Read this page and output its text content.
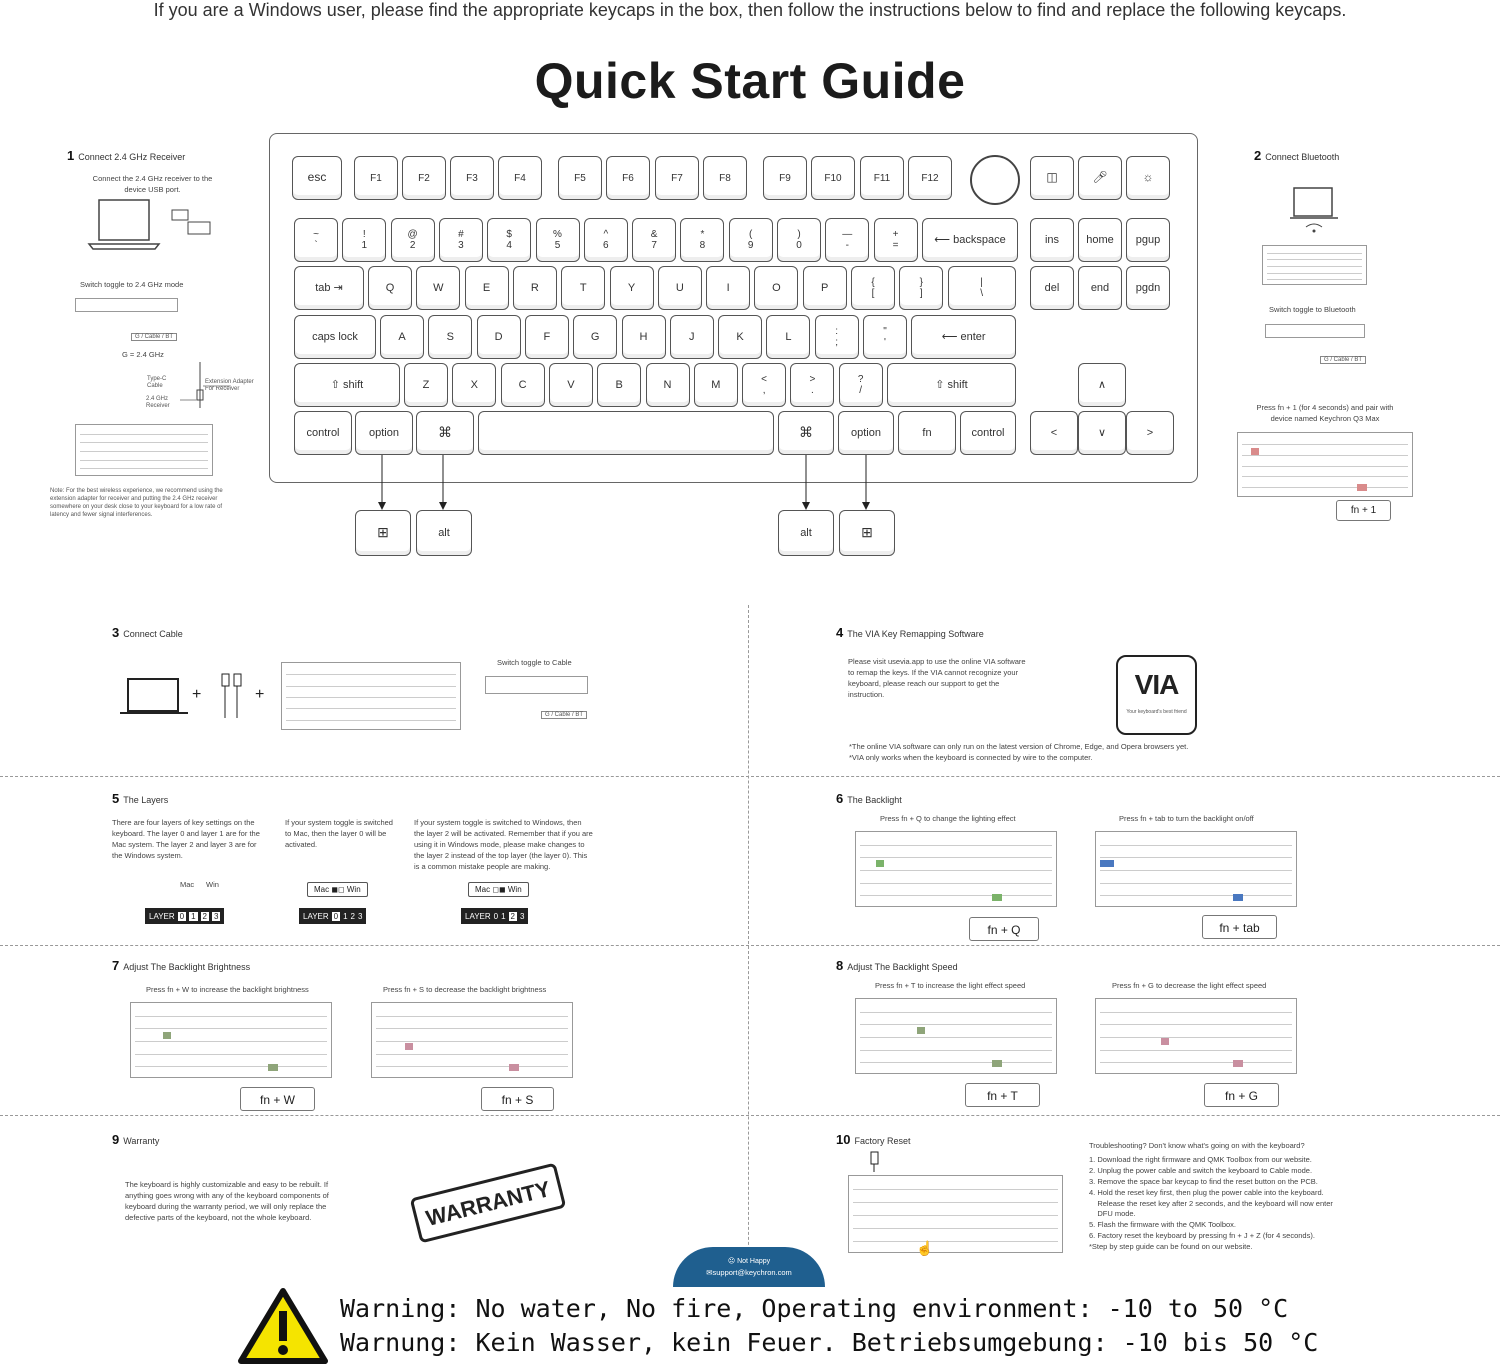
If you are a Windows user, please find the appropriate keycaps in the box, then follow the instructions below to find and replace the following keycaps.
Quick Start Guide
esc	F1	F2	F3	F4	F5	F6	F7	F8	F9	F10	F11	F12	◫	🎤︎	☼
~
`
!
1
@
2
#
3
$
4
%
5
^
6
&
7
*
8
(
9
)
0
—
-
+
=	⟵ backspace	ins	home	pgup
tab ⇥	Q	W	E	R	T	Y	U	I	O	P	{
[
}
]
|
\	del	end	pgdn
caps lock	A	S	D	F	G	H	J	K	L	:
;
"
'	⟵ enter
⇧ shift	Z	X	C	V	B	N	M	<
,
>
.
?
/	⇧ shift	∧
control	option	⌘	⌘	option	fn	control	<	∨	>
1 Connect 2.4 GHz Receiver
Connect the 2.4 GHz receiver to the device USB port.
Switch toggle to 2.4 GHz mode
G / Cable / BT
G = 2.4 GHz
Type-C Cable
Extension Adapter For Receiver
2.4 GHz Receiver
Note: For the best wireless experience, we recommend using the extension adapter for receiver and putting the 2.4 GHz receiver somewhere on your desk close to your keyboard for a low rate of latency and fewer signal interferences.
2 Connect Bluetooth
Switch toggle to Bluetooth
G / Cable / BT
Press fn + 1 (for 4 seconds) and pair with device named Keychron Q3 Max
fn + 1
⊞	alt	alt	⊞
3 Connect Cable
+	+
Switch toggle to Cable
G / Cable / BT
4 The VIA Key Remapping Software
Please visit usevia.app to use the online VIA software to remap the keys. If the VIA cannot recognize your keyboard, please reach our support to get the instruction.	VIA
Your keyboard's best friend
*The online VIA software can only run on the latest version of Chrome, Edge, and Opera browsers yet.
*VIA only works when the keyboard is connected by wire to the computer.
5 The Layers
There are four layers of key settings on the keyboard. The layer 0 and layer 1 are for the Mac system. The layer 2 and layer 3 are for the Windows system.
If your system toggle is switched to Mac, then the layer 0 will be activated.
If your system toggle is switched to Windows, then the layer 2 will be activated. Remember that if you are using it in Windows mode, please make changes to the layer 2 instead of the top layer (the layer 0). This is a common mistake people are making.
Mac Win
LAYER 0 1 2 3
Mac ◼◻ Win
LAYER 0 1 2 3
Mac ◻◼ Win
LAYER 0 1 2 3
6 The Backlight
Press fn + Q to change the lighting effect	Press fn + tab to turn the backlight on/off
fn + Q	fn + tab
7 Adjust The Backlight Brightness
Press fn + W to increase the backlight brightness	Press fn + S to decrease the backlight brightness
fn + W	fn + S
8 Adjust The Backlight Speed
Press fn + T to increase the light effect speed	Press fn + G to decrease the light effect speed
fn + T	fn + G
9 Warranty
The keyboard is highly customizable and easy to be rebuilt. If anything goes wrong with any of the keyboard components of keyboard during the warranty period, we will only replace the defective parts of the keyboard, not the whole keyboard.	WARRANTY
10 Factory Reset
☝
Troubleshooting? Don't know what's going on with the keyboard?
1. Download the right firmware and QMK Toolbox from our website.
2. Unplug the power cable and switch the keyboard to Cable mode.
3. Remove the space bar keycap to find the reset button on the PCB.
4. Hold the reset key first, then plug the power cable into the keyboard.
Release the reset key after 2 seconds, and the keyboard will now enter
DFU mode.
5. Flash the firmware with the QMK Toolbox.
6. Factory reset the keyboard by pressing fn + J + Z (for 4 seconds).
*Step by step guide can be found on our website.
☹ Not Happy
✉support@keychron.com
Warning: No water, No fire, Operating environment: -10 to 50 °C
Warnung: Kein Wasser, kein Feuer. Betriebsumgebung: -10 bis 50 °C
